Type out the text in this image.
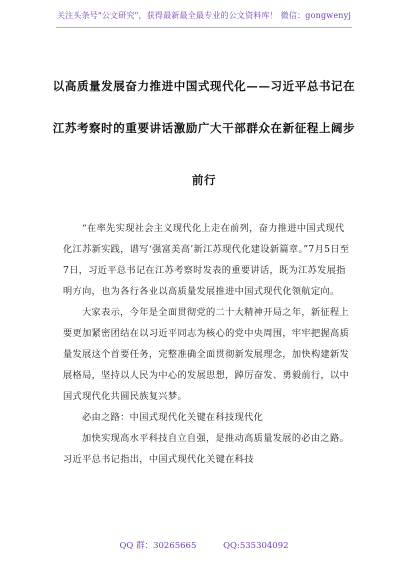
关注头条号"公文研究"，获得最新最全最专业的公文资料库！ 微信：gongwenyj
以高质量发展奋力推进中国式现代化——习近平总书记在
江苏考察时的重要讲话激励广大干部群众在新征程上阔步
前行

“在率先实现社会主义现代化上走在前列，奋力推进中国式现代化江苏新实践，谱写‘强富美高’新江苏现代化建设新篇章。”7月5日至7日，习近平总书记在江苏考察时发表的重要讲话，既为江苏发展指明方向，也为各行各业以高质量发展推进中国式现代化领航定向。

大家表示，今年是全面贯彻党的二十大精神开局之年，新征程上要更加紧密团结在以习近平同志为核心的党中央周围，牢牢把握高质量发展这个首要任务，完整准确全面贯彻新发展理念，加快构建新发展格局，坚持以人民为中心的发展思想，踔厉奋发、勇毅前行，以中国式现代化共圆民族复兴梦。

必由之路：中国式现代化关键在科技现代化

加快实现高水平科技自立自强，是推动高质量发展的必由之路。习近平总书记指出，中国式现代化关键在科技

QQ 群：30265665	QQ:535304092
